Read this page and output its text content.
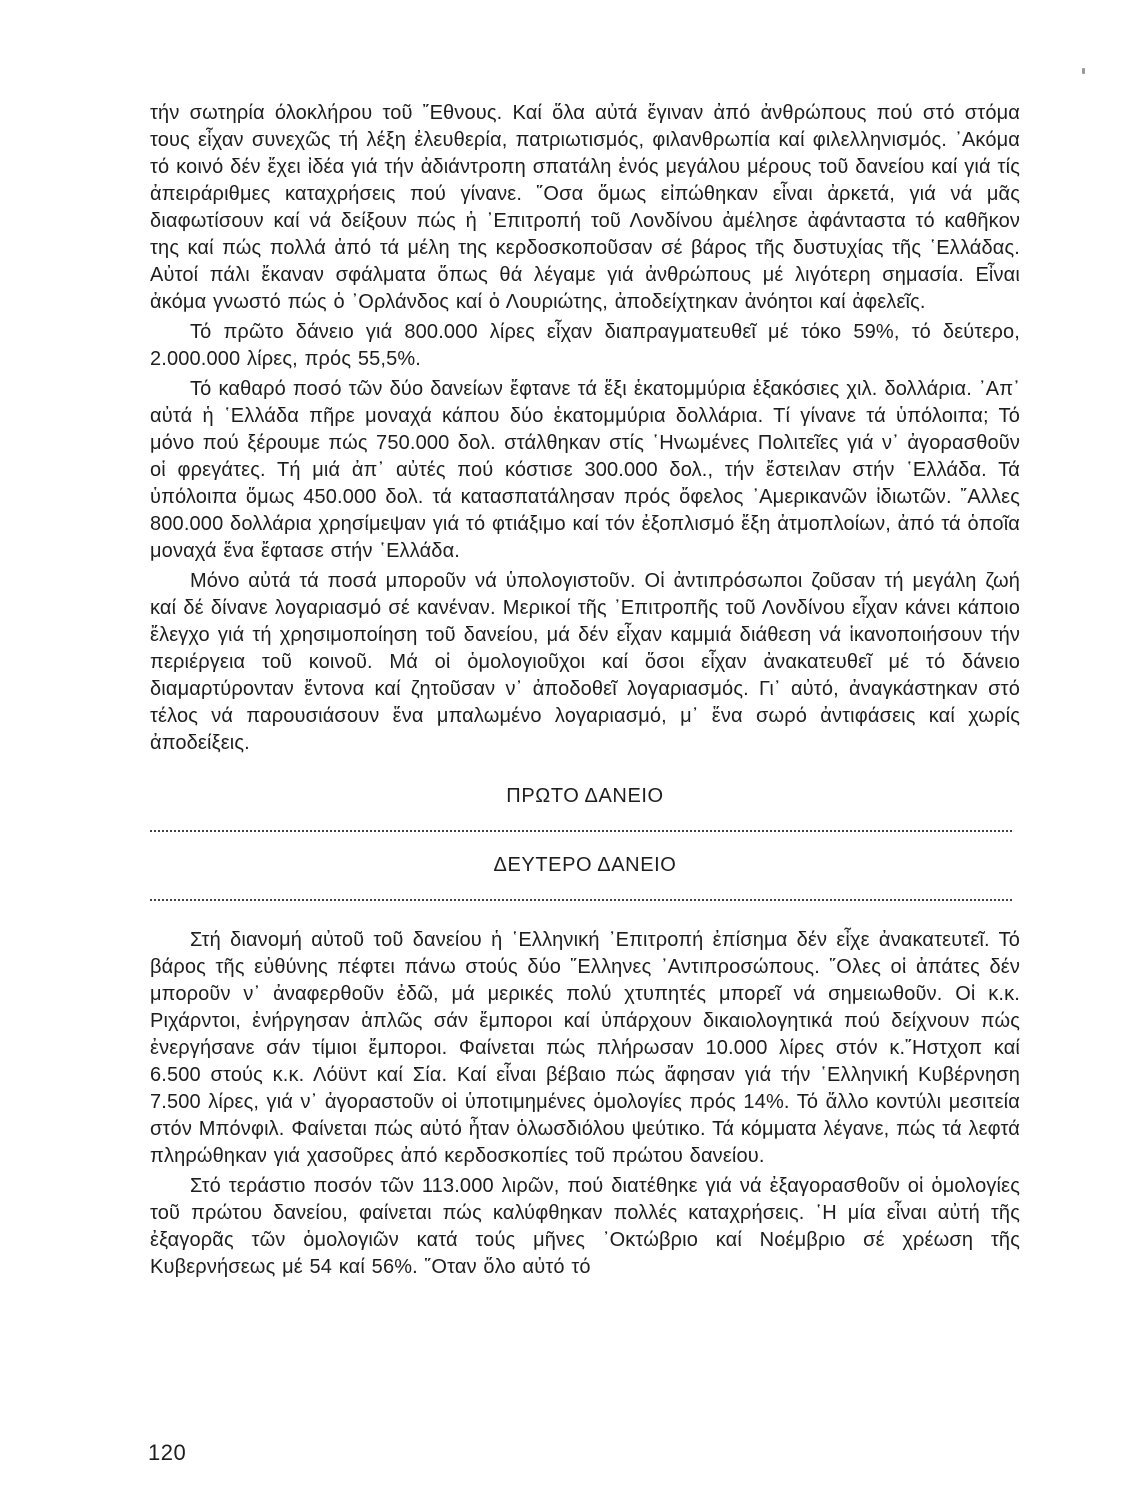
τήν σωτηρία όλοκλήρου τοῦ ῎Εθνους. Καί ὅλα αὐτά ἔγιναν ἀπό ἀνθρώπους πού στό στόμα τους εἶχαν συνεχῶς τή λέξη ἐλευθερία, πατριωτισμός, φιλανθρωπία καί φιλελληνισμός. ᾿Ακόμα τό κοινό δέν ἔχει ἰδέα γιά τήν ἀδιάντροπη σπατάλη ἑνός μεγάλου μέρους τοῦ δανείου καί γιά τίς ἀπειράριθμες καταχρήσεις πού γίνανε. ῞Οσα ὅμως εἰπώθηκαν εἶναι ἀρκετά, γιά νά μᾶς διαφωτίσουν καί νά δείξουν πώς ἡ ᾿Επιτροπή τοῦ Λονδίνου ἀμέλησε ἀφάνταστα τό καθῆκον της καί πώς πολλά ἀπό τά μέλη της κερδοσκοποῦσαν σέ βάρος τῆς δυστυχίας τῆς ῾Ελλάδας. Αὐτοί πάλι ἔκαναν σφάλματα ὅπως θά λέγαμε γιά ἀνθρώπους μέ λιγότερη σημασία. Εἶναι ἀκόμα γνωστό πώς ὁ ᾿Ορλάνδος καί ὁ Λουριώτης, ἀποδείχτηκαν ἀνόητοι καί ἀφελεῖς.

Τό πρῶτο δάνειο γιά 800.000 λίρες εἶχαν διαπραγματευθεῖ μέ τόκο 59%, τό δεύτερο, 2.000.000 λίρες, πρός 55,5%.

Τό καθαρό ποσό τῶν δύο δανείων ἔφτανε τά ἕξι ἑκατομμύρια ἑξακόσιες χιλ. δολλάρια. ᾿Απ᾿ αὐτά ἡ ῾Ελλάδα πῆρε μοναχά κάπου δύο ἑκατομμύρια δολλάρια. Τί γίνανε τά ὑπόλοιπα; Τό μόνο πού ξέρουμε πώς 750.000 δολ. στάλθηκαν στίς ῾Ηνωμένες Πολιτεῖες γιά ν᾿ ἀγορασθοῦν οἱ φρεγάτες. Τή μιά ἀπ᾿ αὐτές πού κόστισε 300.000 δολ., τήν ἔστειλαν στήν ῾Ελλάδα. Τά ὑπόλοιπα ὅμως 450.000 δολ. τά κατασπατάλησαν πρός ὄφελος ᾿Αμερικανῶν ἰδιωτῶν. ῎Αλλες 800.000 δολλάρια χρησίμεψαν γιά τό φτιάξιμο καί τόν ἐξοπλισμό ἔξη ἀτμοπλοίων, ἀπό τά ὁποῖα μοναχά ἕνα ἔφτασε στήν ῾Ελλάδα.

Μόνο αὐτά τά ποσά μποροῦν νά ὑπολογιστοῦν. Οἱ ἀντιπρόσωποι ζοῦσαν τή μεγάλη ζωή καί δέ δίνανε λογαριασμό σέ κανέναν. Μερικοί τῆς ᾿Επιτροπῆς τοῦ Λονδίνου εἶχαν κάνει κάποιο ἔλεγχο γιά τή χρησιμοποίηση τοῦ δανείου, μά δέν εἶχαν καμμιά διάθεση νά ἱκανοποιήσουν τήν περιέργεια τοῦ κοινοῦ. Μά οἱ ὁμολογιοῦχοι καί ὅσοι εἶχαν ἀνακατευθεῖ μέ τό δάνειο διαμαρτύρονταν ἔντονα καί ζητοῦσαν ν᾿ ἀποδοθεῖ λογαριασμός. Γι᾿ αὐτό, ἀναγκάστηκαν στό τέλος νά παρουσιάσουν ἕνα μπαλωμένο λογαριασμό, μ᾿ ἕνα σωρό ἀντιφάσεις καί χωρίς ἀποδείξεις.

ΠΡΩΤΟ ΔΑΝΕΙΟ

ΔΕΥΤΕΡΟ ΔΑΝΕΙΟ

Στή διανομή αὐτοῦ τοῦ δανείου ἡ ῾Ελληνική ᾿Επιτροπή ἐπίσημα δέν εἶχε ἀνακατευτεῖ. Τό βάρος τῆς εὐθύνης πέφτει πάνω στούς δύο ῞Ελληνες ᾿Αντιπροσώπους. ῞Ολες οἱ ἀπάτες δέν μποροῦν ν᾿ ἀναφερθοῦν ἐδῶ, μά μερικές πολύ χτυπητές μπορεῖ νά σημειωθοῦν. Οἱ κ.κ. Ριχάρντοι, ἐνήργησαν ἁπλῶς σάν ἔμποροι καί ὑπάρχουν δικαιολογητικά πού δείχνουν πώς ἐνεργήσανε σάν τίμιοι ἔμποροι. Φαίνεται πώς πλήρωσαν 10.000 λίρες στόν κ.῞Ηστχοπ καί 6.500 στούς κ.κ. Λόϋντ καί Σία. Καί εἶναι βέβαιο πώς ἄφησαν γιά τήν ῾Ελληνική Κυβέρνηση 7.500 λίρες, γιά ν᾿ ἀγοραστοῦν οἱ ὑποτιμημένες ὁμολογίες πρός 14%. Τό ἄλλο κοντύλι μεσιτεία στόν Μπόνφιλ. Φαίνεται πώς αὐτό ἦταν ὁλωσδιόλου ψεύτικο. Τά κόμματα λέγανε, πώς τά λεφτά πληρώθηκαν γιά χασοῦρες ἀπό κερδοσκοπίες τοῦ πρώτου δανείου.

Στό τεράστιο ποσόν τῶν 113.000 λιρῶν, πού διατέθηκε γιά νά ἐξαγορασθοῦν οἱ ὁμολογίες τοῦ πρώτου δανείου, φαίνεται πώς καλύφθηκαν πολλές καταχρήσεις. ῾Η μία εἶναι αὐτή τῆς ἐξαγορᾶς τῶν ὁμολογιῶν κατά τούς μῆνες ᾿Οκτώβριο καί Νοέμβριο σέ χρέωση τῆς Κυβερνήσεως μέ 54 καί 56%. ῞Οταν ὅλο αὐτό τό

120
